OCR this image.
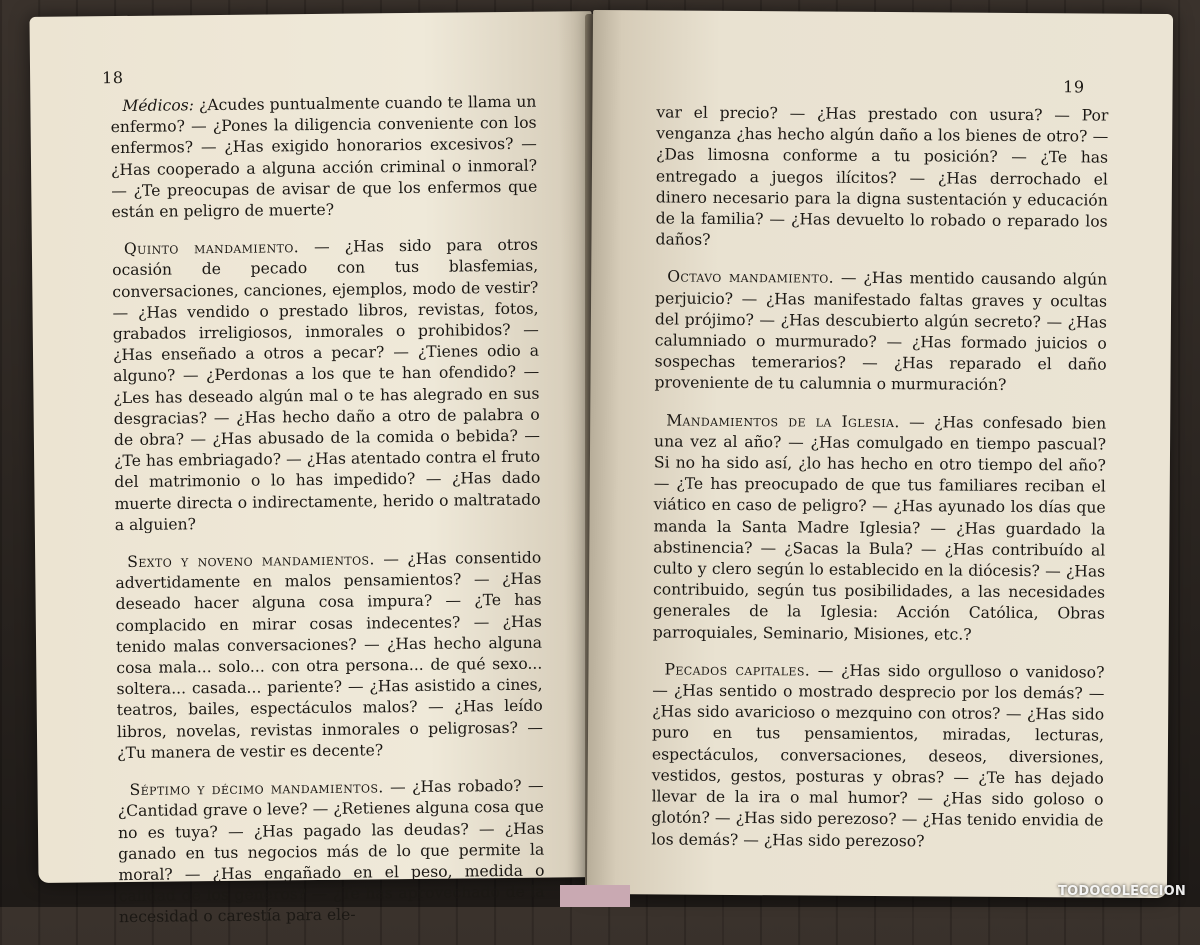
18

Médicos: ¿Acudes puntualmente cuando te llama un enfermo? — ¿Pones la diligencia conveniente con los enfermos? — ¿Has exigido honorarios excesivos? — ¿Has cooperado a alguna acción criminal o inmoral? — ¿Te preocupas de avisar de que los enfermos que están en peligro de muerte?

Quinto mandamiento. — ¿Has sido para otros ocasión de pecado con tus blasfemias, conversaciones, canciones, ejemplos, modo de vestir? — ¿Has vendido o prestado libros, revistas, fotos, grabados irreligiosos, inmorales o prohibidos? — ¿Has enseñado a otros a pecar? — ¿Tienes odio a alguno? — ¿Perdonas a los que te han ofendido? — ¿Les has deseado algún mal o te has alegrado en sus desgracias? — ¿Has hecho daño a otro de palabra o de obra? — ¿Has abusado de la comida o bebida? — ¿Te has embriagado? — ¿Has atentado contra el fruto del matrimonio o lo has impedido? — ¿Has dado muerte directa o indirectamente, herido o maltratado a alguien?

Sexto y noveno mandamientos. — ¿Has consentido advertidamente en malos pensamientos? — ¿Has deseado hacer alguna cosa impura? — ¿Te has complacido en mirar cosas indecentes? — ¿Has tenido malas conversaciones? — ¿Has hecho alguna cosa mala... solo... con otra persona... de qué sexo... soltera... casada... pariente? — ¿Has asistido a cines, teatros, bailes, espectáculos malos? — ¿Has leído libros, novelas, revistas inmorales o peligrosas? — ¿Tu manera de vestir es decente?

Séptimo y décimo mandamientos. — ¿Has robado? — ¿Cantidad grave o leve? — ¿Retienes alguna cosa que no es tuya? — ¿Has pagado las deudas? — ¿Has ganado en tus negocios más de lo que permite la moral? — ¿Has engañado en el peso, medida o calidad de los géneros? — ¿Te has aprovechado de la necesidad o carestía para ele-

19

var el precio? — ¿Has prestado con usura? — Por venganza ¿has hecho algún daño a los bienes de otro? — ¿Das limosna conforme a tu posición? — ¿Te has entregado a juegos ilícitos? — ¿Has derrochado el dinero necesario para la digna sustentación y educación de la familia? — ¿Has devuelto lo robado o reparado los daños?

Octavo mandamiento. — ¿Has mentido causando algún perjuicio? — ¿Has manifestado faltas graves y ocultas del prójimo? — ¿Has descubierto algún secreto? — ¿Has calumniado o murmurado? — ¿Has formado juicios o sospechas temerarios? — ¿Has reparado el daño proveniente de tu calumnia o murmuración?

Mandamientos de la Iglesia. — ¿Has confesado bien una vez al año? — ¿Has comulgado en tiempo pascual? Si no ha sido así, ¿lo has hecho en otro tiempo del año? — ¿Te has preocupado de que tus familiares reciban el viático en caso de peligro? — ¿Has ayunado los días que manda la Santa Madre Iglesia? — ¿Has guardado la abstinencia? — ¿Sacas la Bula? — ¿Has contribuído al culto y clero según lo establecido en la diócesis? — ¿Has contribuido, según tus posibilidades, a las necesidades generales de la Iglesia: Acción Católica, Obras parroquiales, Seminario, Misiones, etc.?

Pecados capitales. — ¿Has sido orgulloso o vanidoso? — ¿Has sentido o mostrado desprecio por los demás? — ¿Has sido avaricioso o mezquino con otros? — ¿Has sido puro en tus pensamientos, miradas, lecturas, espectáculos, conversaciones, deseos, diversiones, vestidos, gestos, posturas y obras? — ¿Te has dejado llevar de la ira o mal humor? — ¿Has sido goloso o glotón? — ¿Has sido perezoso? — ¿Has tenido envidia de los demás? — ¿Has sido perezoso?

TODOCOLECCION
